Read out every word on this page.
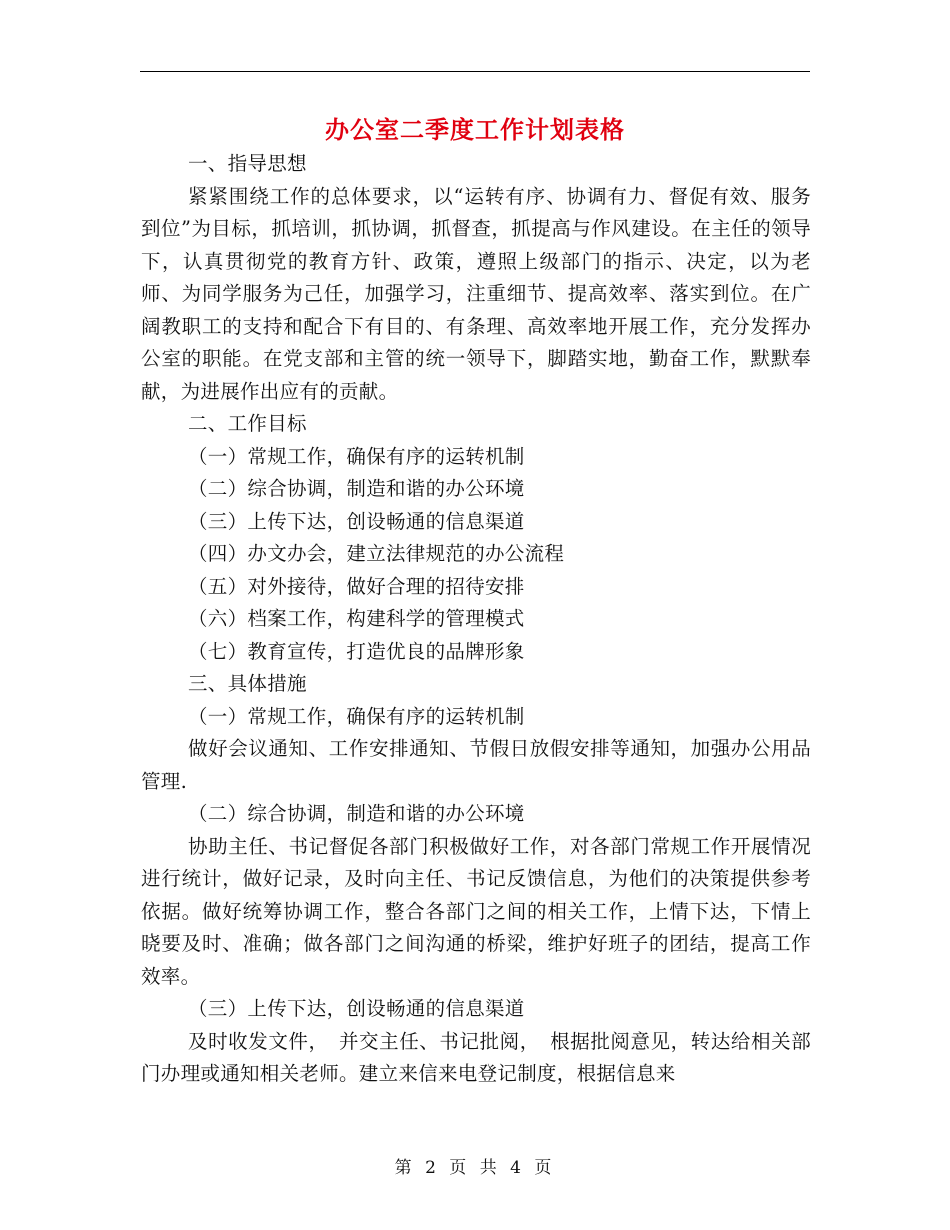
办公室二季度工作计划表格

一、指导思想

紧紧围绕工作的总体要求，以“运转有序、协调有力、督促有效、服务到位”为目标，抓培训，抓协调，抓督查，抓提高与作风建设。在主任的领导下，认真贯彻党的教育方针、政策，遵照上级部门的指示、决定，以为老师、为同学服务为己任，加强学习，注重细节、提高效率、落实到位。在广阔教职工的支持和配合下有目的、有条理、高效率地开展工作，充分发挥办公室的职能。在党支部和主管的统一领导下，脚踏实地，勤奋工作，默默奉献，为进展作出应有的贡献。

二、工作目标

（一）常规工作，确保有序的运转机制

（二）综合协调，制造和谐的办公环境

（三）上传下达，创设畅通的信息渠道

（四）办文办会，建立法律规范的办公流程

（五）对外接待，做好合理的招待安排

（六）档案工作，构建科学的管理模式

（七）教育宣传，打造优良的品牌形象

三、具体措施

（一）常规工作，确保有序的运转机制

做好会议通知、工作安排通知、节假日放假安排等通知，加强办公用品管理.

（二）综合协调，制造和谐的办公环境

协助主任、书记督促各部门积极做好工作，对各部门常规工作开展情况进行统计，做好记录，及时向主任、书记反馈信息，为他们的决策提供参考依据。做好统筹协调工作，整合各部门之间的相关工作，上情下达，下情上晓要及时、准确；做各部门之间沟通的桥梁，维护好班子的团结，提高工作效率。

（三）上传下达，创设畅通的信息渠道

及时收发文件，　并交主任、书记批阅，　根据批阅意见，转达给相关部门办理或通知相关老师。建立来信来电登记制度，根据信息来

第 2 页 共 4 页
